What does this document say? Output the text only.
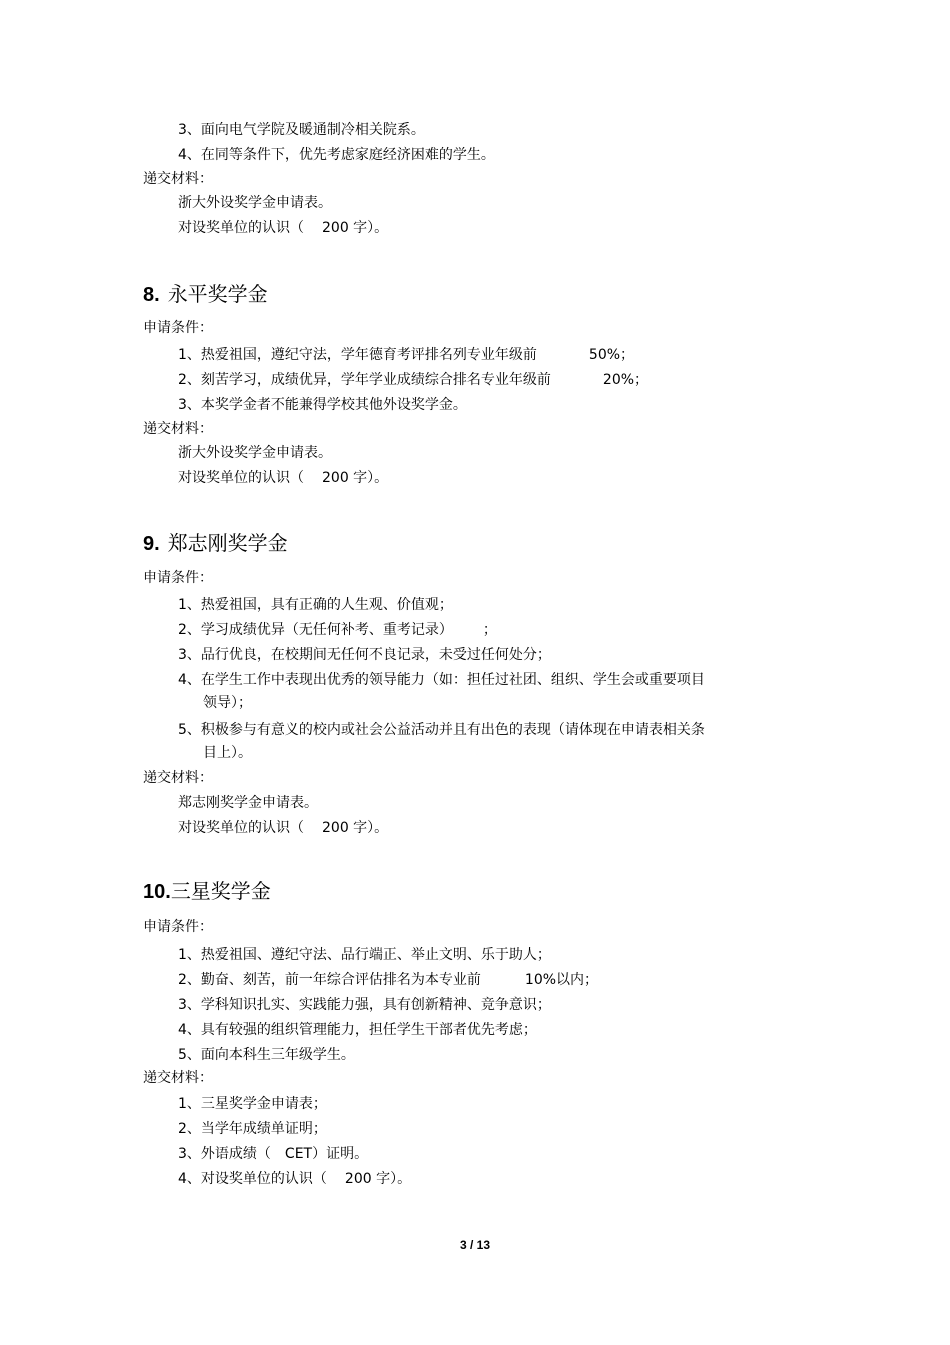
3、面向电气学院及暖通制冷相关院系。
4、在同等条件下，优先考虑家庭经济困难的学生。
递交材料：
浙大外设奖学金申请表。
对设奖单位的认识（ 200 字）。
8. 永平奖学金
申请条件：
1、热爱祖国，遵纪守法，学年德育考评排名列专业年级前	50%；
2、刻苦学习，成绩优异，学年学业成绩综合排名专业年级前	20%；
3、本奖学金者不能兼得学校其他外设奖学金。
递交材料：
浙大外设奖学金申请表。
对设奖单位的认识（ 200 字）。
9. 郑志刚奖学金
申请条件：
1、热爱祖国，具有正确的人生观、价值观；
2、学习成绩优异（无任何补考、重考记录） ；
3、品行优良，在校期间无任何不良记录，未受过任何处分；
4、在学生工作中表现出优秀的领导能力（如：担任过社团、组织、学生会或重要项目
领导）；
5、积极参与有意义的校内或社会公益活动并且有出色的表现（请体现在申请表相关条
目上）。
递交材料：
郑志刚奖学金申请表。
对设奖单位的认识（ 200 字）。
10.三星奖学金
申请条件：
1、热爱祖国、遵纪守法、品行端正、举止文明、乐于助人；
2、勤奋、刻苦，前一年综合评估排名为本专业前	10%以内；
3、学科知识扎实、实践能力强，具有创新精神、竞争意识；
4、具有较强的组织管理能力，担任学生干部者优先考虑；
5、面向本科生三年级学生。
递交材料：
1、三星奖学金申请表；
2、当学年成绩单证明；
3、外语成绩（ CET）证明。
4、对设奖单位的认识（ 200 字）。
3 / 13
